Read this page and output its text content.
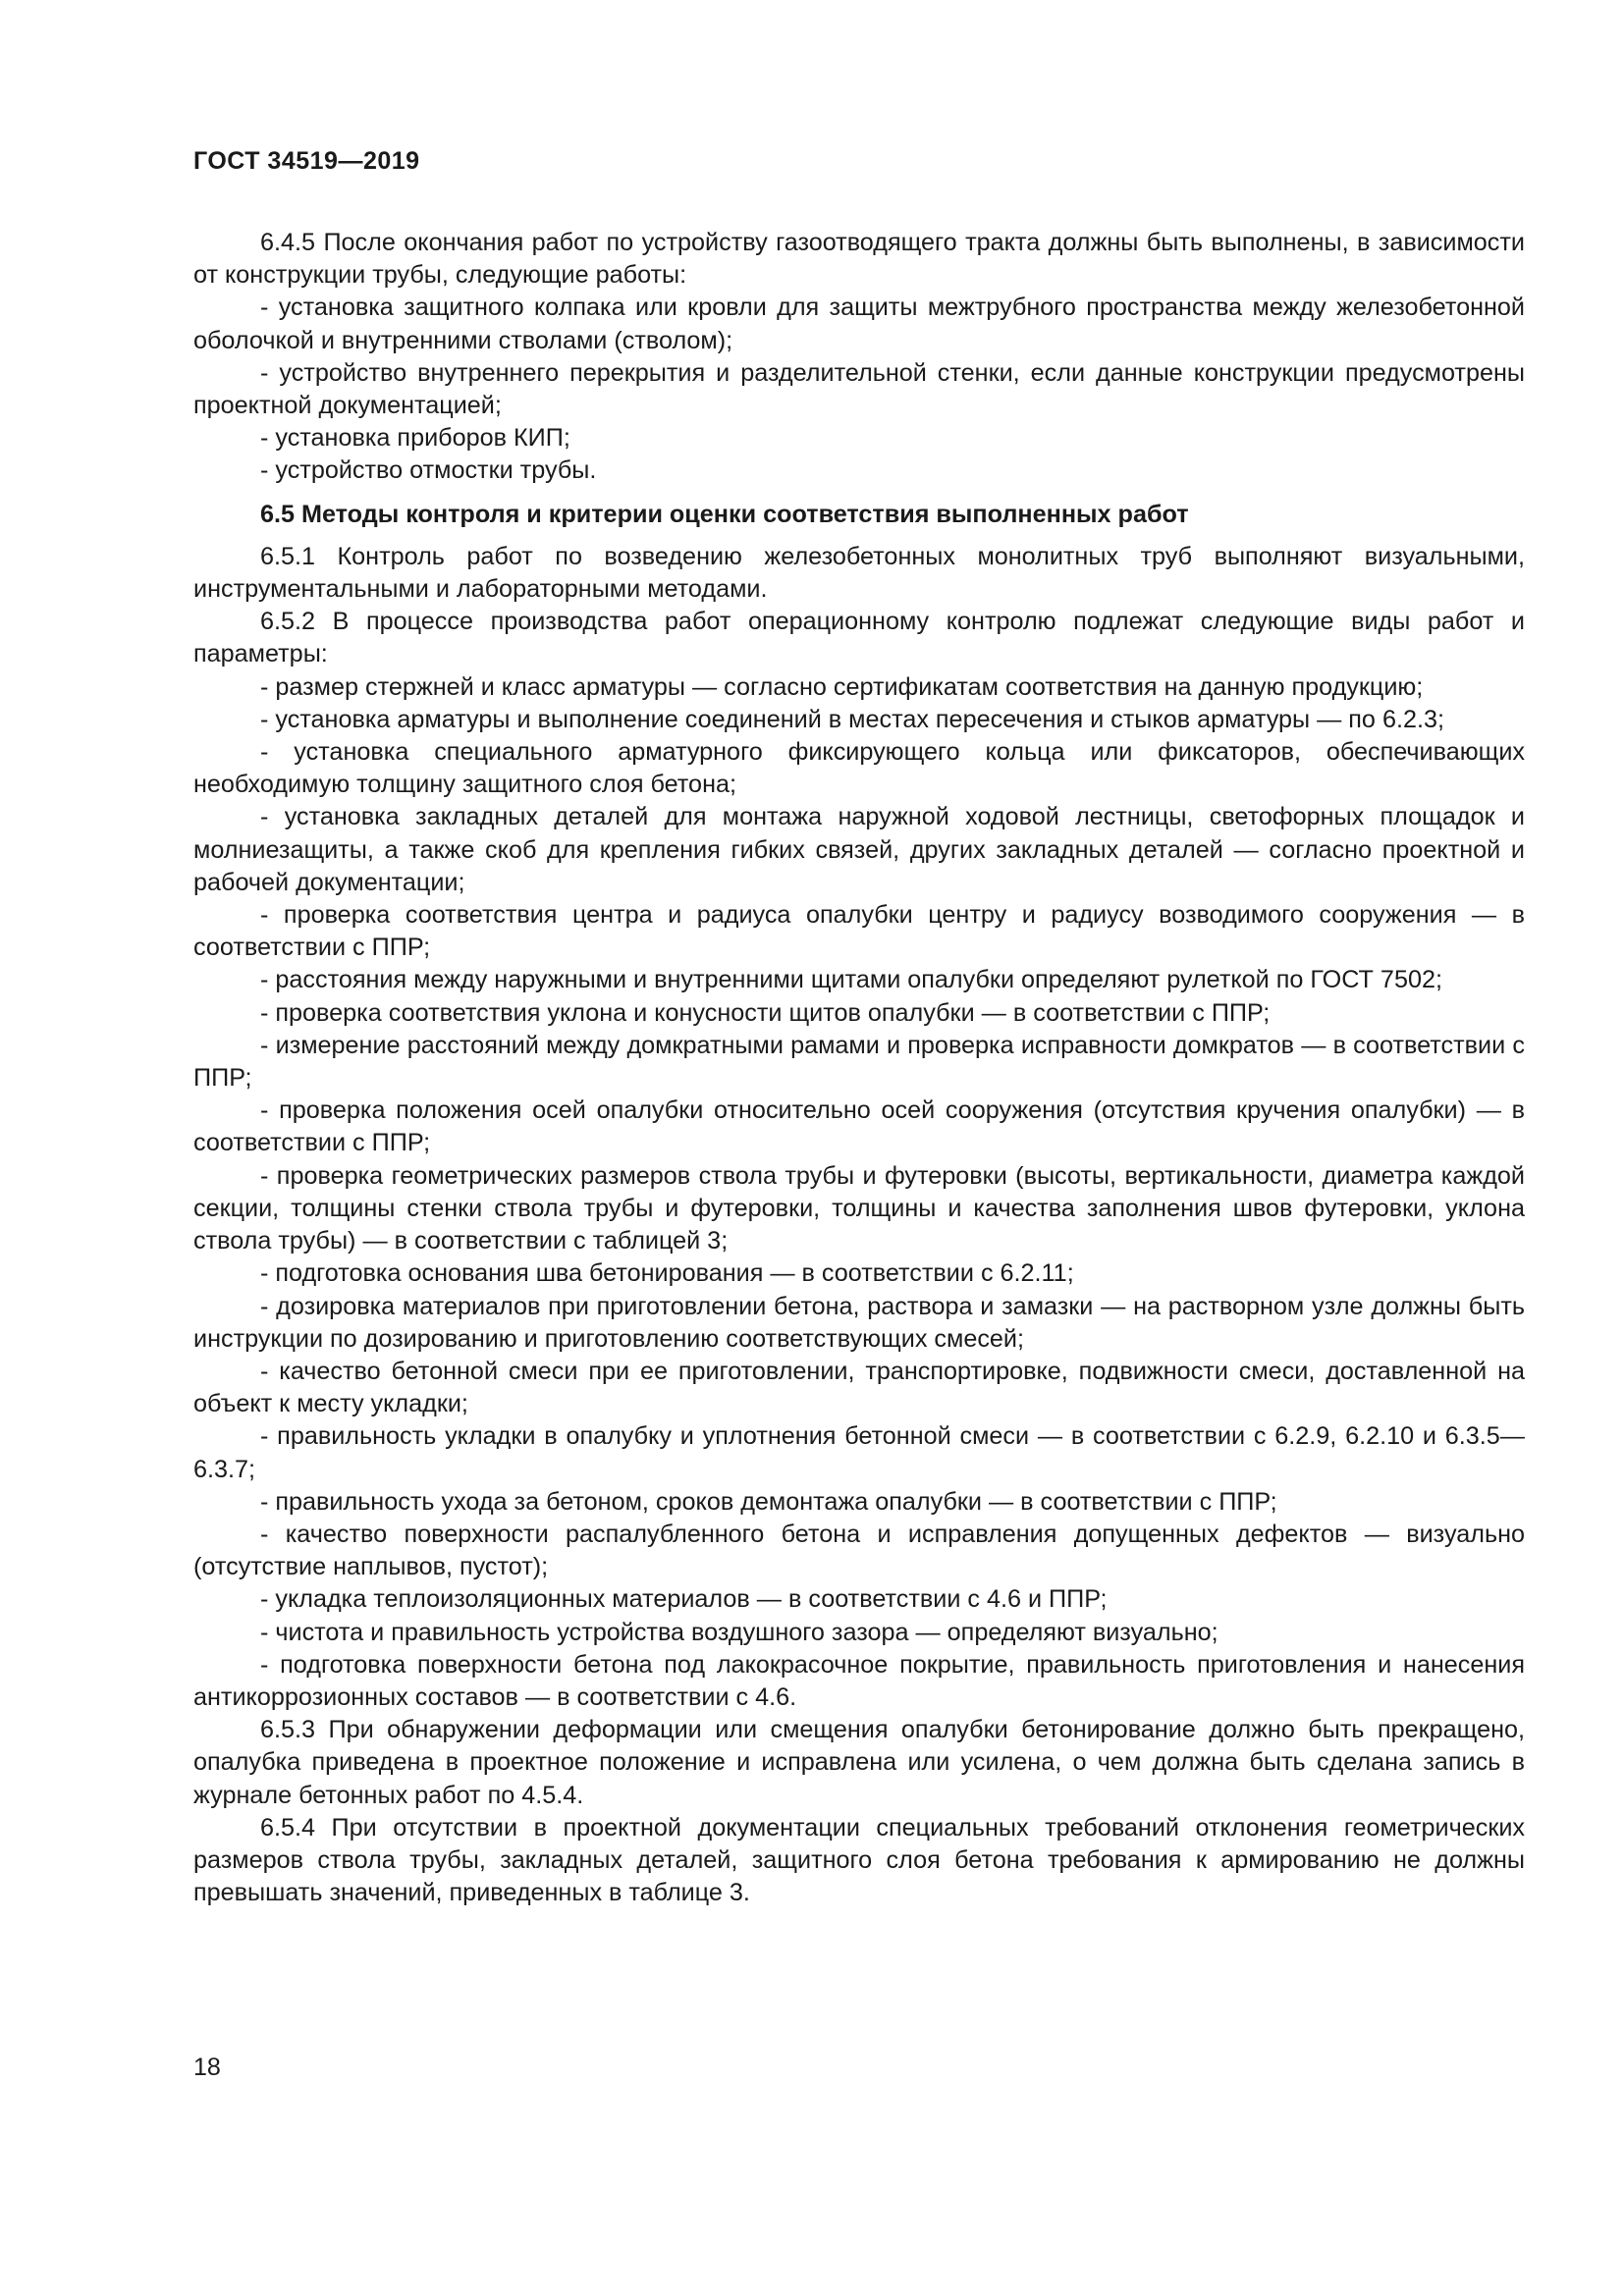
ГОСТ 34519—2019

6.4.5 После окончания работ по устройству газоотводящего тракта должны быть выполнены, в зависимости от конструкции трубы, следующие работы:

- установка защитного колпака или кровли для защиты межтрубного пространства между железобетонной оболочкой и внутренними стволами (стволом);

- устройство внутреннего перекрытия и разделительной стенки, если данные конструкции предусмотрены проектной документацией;

- установка приборов КИП;

- устройство отмостки трубы.

6.5 Методы контроля и критерии оценки соответствия выполненных работ

6.5.1 Контроль работ по возведению железобетонных монолитных труб выполняют визуальными, инструментальными и лабораторными методами.

6.5.2 В процессе производства работ операционному контролю подлежат следующие виды работ и параметры:

- размер стержней и класс арматуры — согласно сертификатам соответствия на данную продукцию;

- установка арматуры и выполнение соединений в местах пересечения и стыков арматуры — по 6.2.3;

- установка специального арматурного фиксирующего кольца или фиксаторов, обеспечивающих необходимую толщину защитного слоя бетона;

- установка закладных деталей для монтажа наружной ходовой лестницы, светофорных площадок и молниезащиты, а также скоб для крепления гибких связей, других закладных деталей — согласно проектной и рабочей документации;

- проверка соответствия центра и радиуса опалубки центру и радиусу возводимого сооружения — в соответствии с ППР;

- расстояния между наружными и внутренними щитами опалубки определяют рулеткой по ГОСТ 7502;

- проверка соответствия уклона и конусности щитов опалубки — в соответствии с ППР;

- измерение расстояний между домкратными рамами и проверка исправности домкратов — в соответствии с ППР;

- проверка положения осей опалубки относительно осей сооружения (отсутствия кручения опалубки) — в соответствии с ППР;

- проверка геометрических размеров ствола трубы и футеровки (высоты, вертикальности, диаметра каждой секции, толщины стенки ствола трубы и футеровки, толщины и качества заполнения швов футеровки, уклона ствола трубы) — в соответствии с таблицей 3;

- подготовка основания шва бетонирования — в соответствии с 6.2.11;

- дозировка материалов при приготовлении бетона, раствора и замазки — на растворном узле должны быть инструкции по дозированию и приготовлению соответствующих смесей;

- качество бетонной смеси при ее приготовлении, транспортировке, подвижности смеси, доставленной на объект к месту укладки;

- правильность укладки в опалубку и уплотнения бетонной смеси — в соответствии с 6.2.9, 6.2.10 и 6.3.5—6.3.7;

- правильность ухода за бетоном, сроков демонтажа опалубки — в соответствии с ППР;

- качество поверхности распалубленного бетона и исправления допущенных дефектов — визуально (отсутствие наплывов, пустот);

- укладка теплоизоляционных материалов — в соответствии с 4.6 и ППР;

- чистота и правильность устройства воздушного зазора — определяют визуально;

- подготовка поверхности бетона под лакокрасочное покрытие, правильность приготовления и нанесения антикоррозионных составов — в соответствии с 4.6.

6.5.3 При обнаружении деформации или смещения опалубки бетонирование должно быть прекращено, опалубка приведена в проектное положение и исправлена или усилена, о чем должна быть сделана запись в журнале бетонных работ по 4.5.4.

6.5.4 При отсутствии в проектной документации специальных требований отклонения геометрических размеров ствола трубы, закладных деталей, защитного слоя бетона требования к армированию не должны превышать значений, приведенных в таблице 3.

18
